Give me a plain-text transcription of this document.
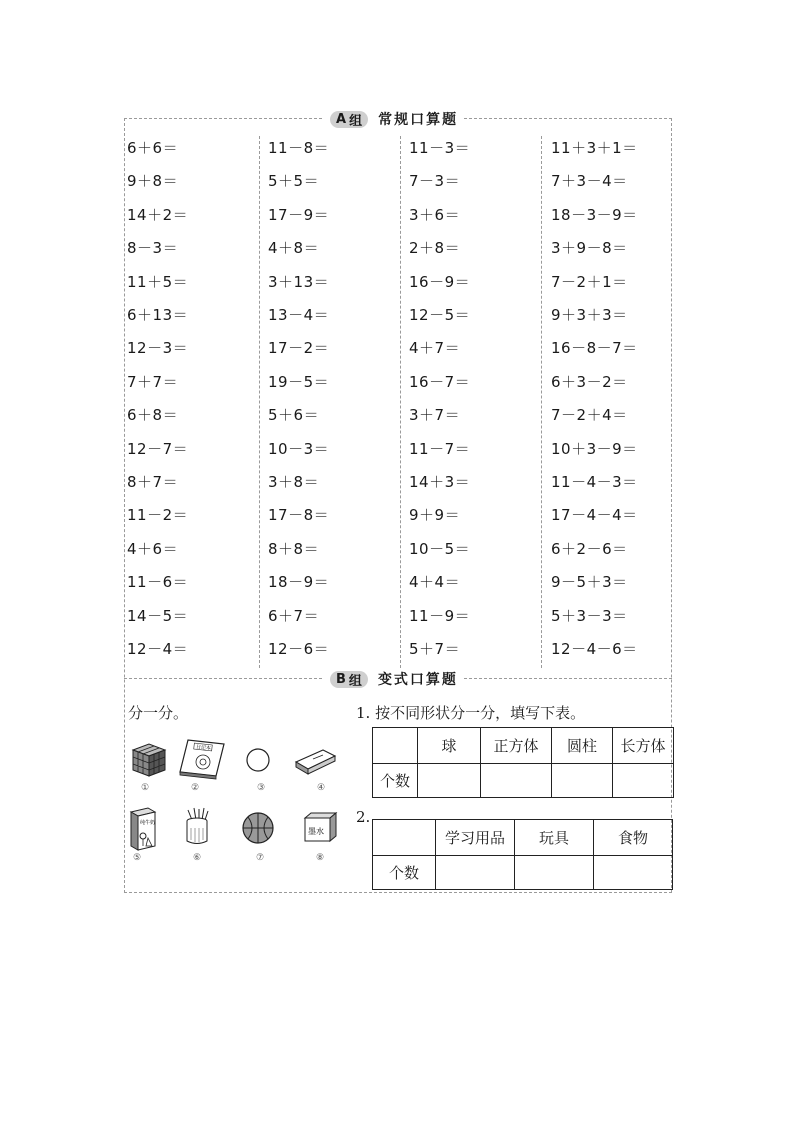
A 组 常规口算题
6＋6＝
9＋8＝
14＋2＝
8－3＝
11＋5＝
6＋13＝
12－3＝
7＋7＝
6＋8＝
12－7＝
8＋7＝
11－2＝
4＋6＝
11－6＝
14－5＝
12－4＝
11－8＝
5＋5＝
17－9＝
4＋8＝
3＋13＝
13－4＝
17－2＝
19－5＝
5＋6＝
10－3＝
3＋8＝
17－8＝
8＋8＝
18－9＝
6＋7＝
12－6＝
11－3＝
7－3＝
3＋6＝
2＋8＝
16－9＝
12－5＝
4＋7＝
16－7＝
3＋7＝
11－7＝
14＋3＝
9＋9＝
10－5＝
4＋4＝
11－9＝
5＋7＝
11＋3＋1＝
7＋3－4＝
18－3－9＝
3＋9－8＝
7－2＋1＝
9＋3＋3＝
16－8－7＝
6＋3－2＝
7－2＋4＝
10＋3－9＝
11－4－3＝
17－4－4＝
6＋2－6＝
9－5＋3＝
5＋3－3＝
12－4－6＝
B 组 变式口算题
分一分。	1. 按不同形状分一分，填写下表。
2.
	球	正方体	圆柱	长方体
个数				
	学习用品	玩具	食物
个数			
日记本
①	②	③	④
纯牛奶
墨水
⑤	⑥	⑦	⑧
